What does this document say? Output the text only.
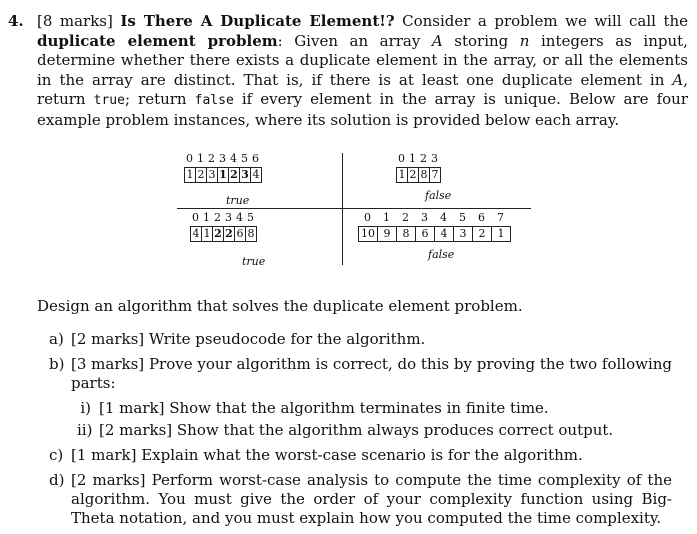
4. [8 marks] Is There A Duplicate Element!? Consider a problem we will call the duplicate element problem: Given an array A storing n integers as input, determine whether there exists a duplicate element in the array, or all the elements in the array are distinct. That is, if there is at least one duplicate element in A, return true; return false if every element in the array is unique. Below are four example problem instances, where its solution is provided below each array.
0 1 2 3 4 5 6
1 2 3 1 2 3 4
true
0 1 2 3
1 2 8 7
false
0 1 2 3 4 5
4 1 2 2 6 8
true
0	1	2	3	4	5	6	7
10 9	8	6	4	3	2	1
false
Design an algorithm that solves the duplicate element problem.
a) [2 marks] Write pseudocode for the algorithm.
b) [3 marks] Prove your algorithm is correct, do this by proving the two following parts:
i) [1 mark] Show that the algorithm terminates in finite time.
ii) [2 marks] Show that the algorithm always produces correct output.
c) [1 mark] Explain what the worst-case scenario is for the algorithm.
d) [2 marks] Perform worst-case analysis to compute the time complexity of the algorithm. You must give the order of your complexity function using Big-Theta notation, and you must explain how you computed the time complexity.
